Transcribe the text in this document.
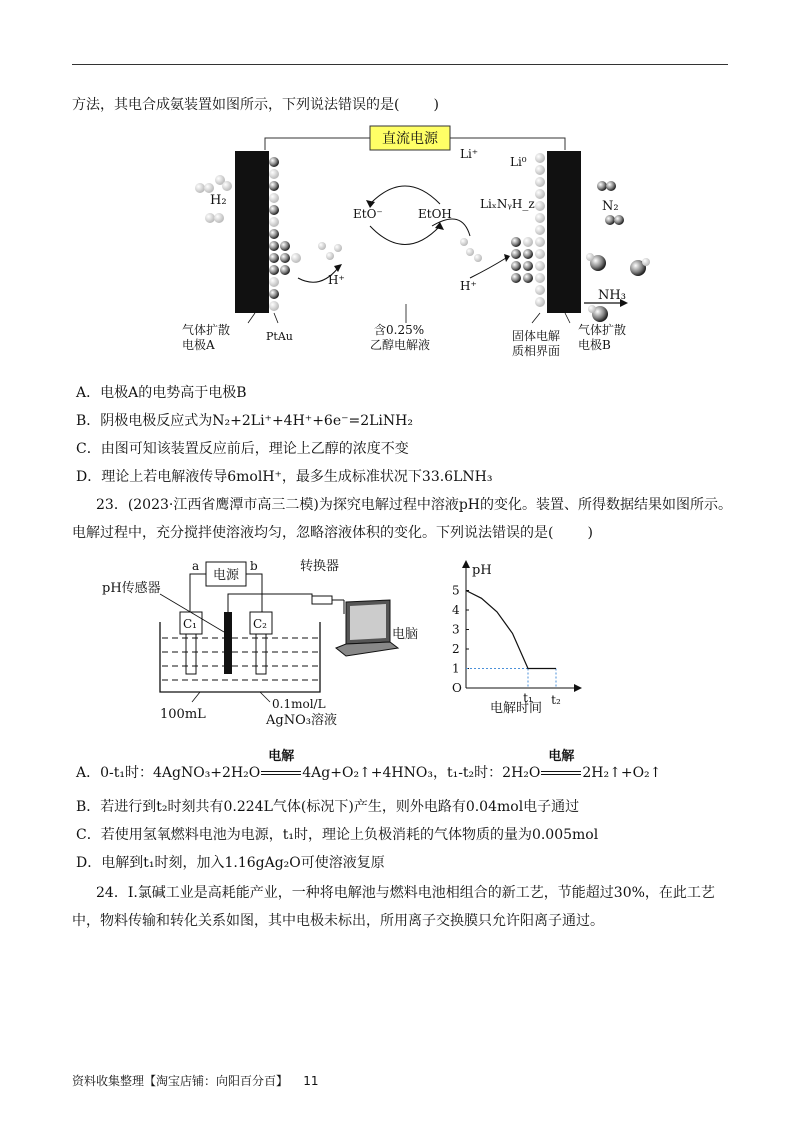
方法，其电合成氨装置如图所示，下列说法错误的是( )
直流电源
H₂	N₂
NH₃
Li⁺
Li⁰
LiₓNᵧH_z
EtO⁻	EtOH
H⁺	H⁺
气体扩散
电极A
PtAu	含0.25%
乙醇电解液
固体电解
质相界面
气体扩散
电极B
A．电极A的电势高于电极B
B．阴极电极反应式为N₂+2Li⁺+4H⁺+6e⁻=2LiNH₂
C．由图可知该装置反应前后，理论上乙醇的浓度不变
D．理论上若电解液传导6molH⁺，最多生成标准状况下33.6LNH₃
23．(2023·江西省鹰潭市高三二模)为探究电解过程中溶液pH的变化。装置、所得数据结果如图所示。
电解过程中，充分搅拌使溶液均匀，忽略溶液体积的变化。下列说法错误的是( )
电源
a	b
C₁	C₂
转换器
pH传感器
电脑
100mL
0.1mol/L
AgNO₃溶液
pH
O
1
2
3
4
5
t₁ t₂
电解时间
A．0-t₁时：4AgNO₃+2H₂O
电解
4Ag+O₂↑+4HNO₃，t₁-t₂时：2H₂O
电解
2H₂↑+O₂↑
B．若进行到t₂时刻共有0.224L气体(标况下)产生，则外电路有0.04mol电子通过
C．若使用氢氧燃料电池为电源，t₁时，理论上负极消耗的气体物质的量为0.005mol
D．电解到t₁时刻，加入1.16gAg₂O可使溶液复原
24．Ⅰ.氯碱工业是高耗能产业，一种将电解池与燃料电池相组合的新工艺，节能超过30%，在此工艺
中，物料传输和转化关系如图，其中电极未标出，所用离子交换膜只允许阳离子通过。
资料收集整理【淘宝店铺：向阳百分百】 11
